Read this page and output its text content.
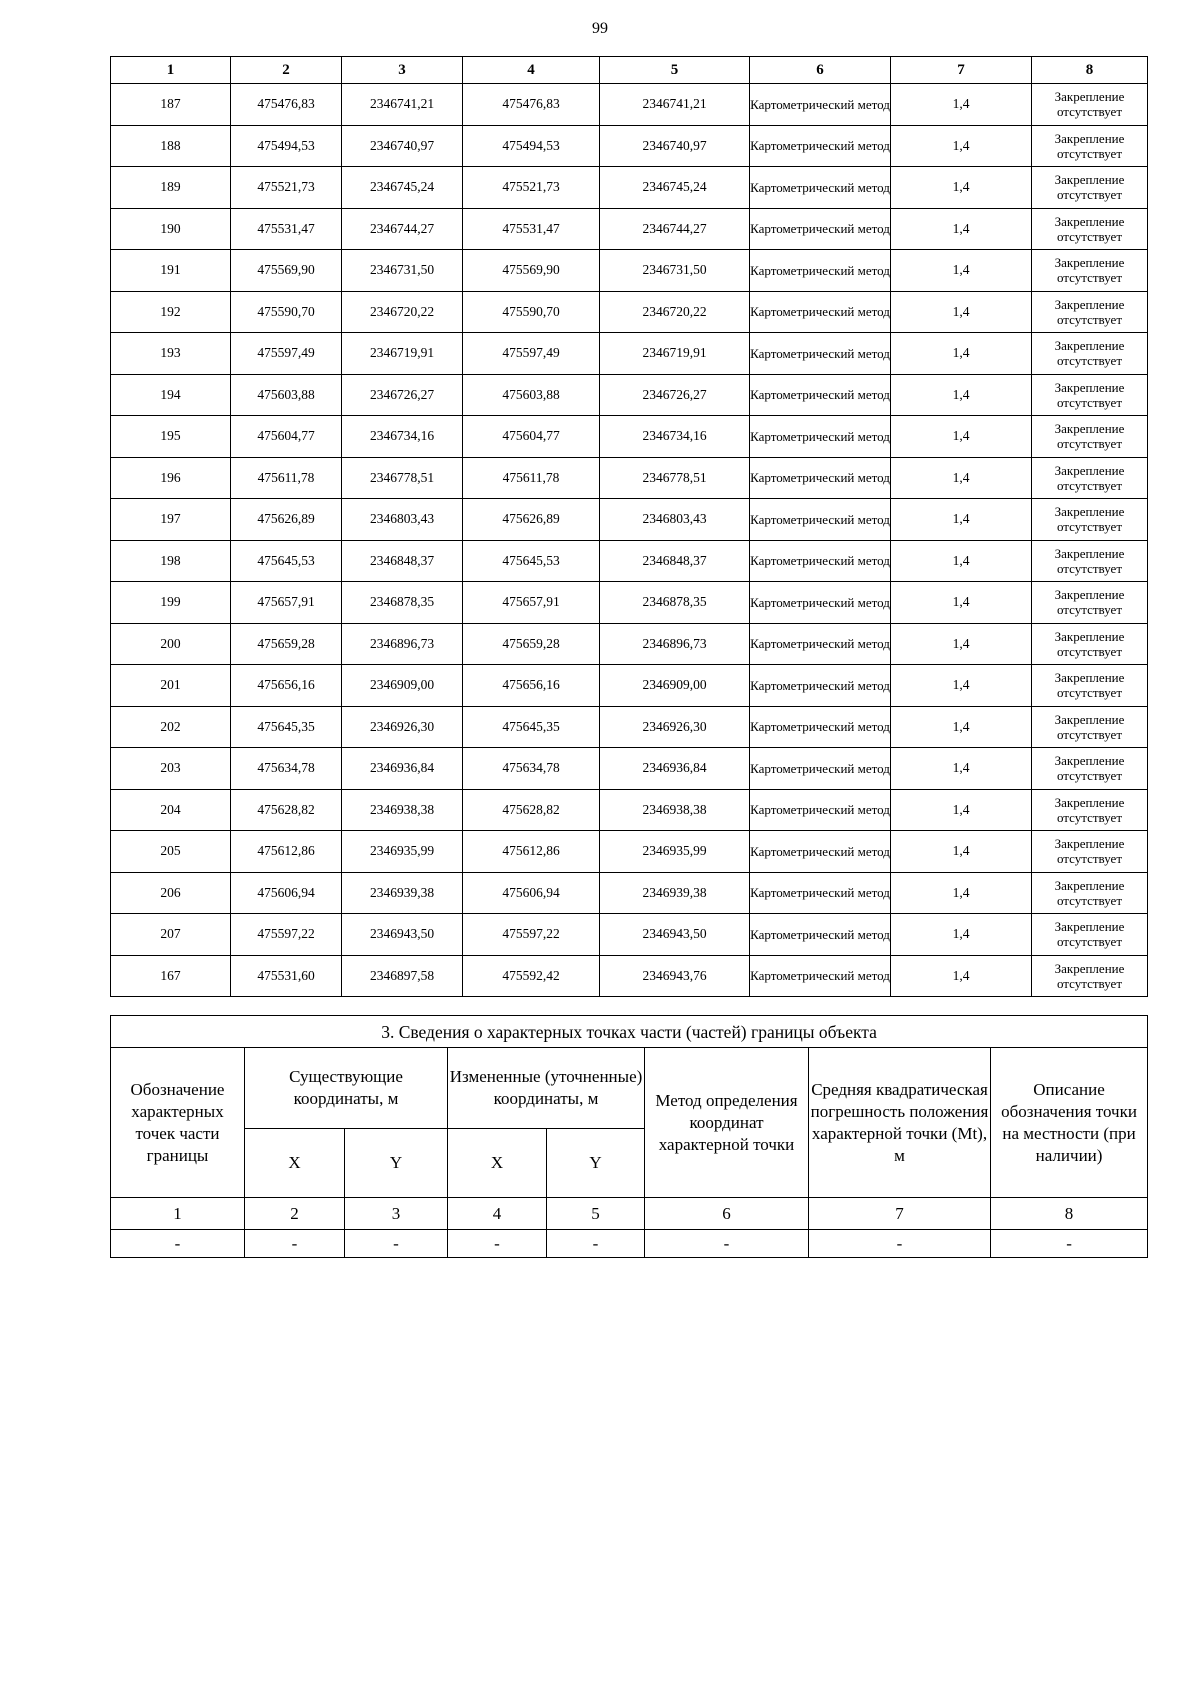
99
1	2	3	4	5	6	7	8
187	475476,83	2346741,21	475476,83	2346741,21	Картометрический метод	1,4	Закрепление отсутствует
188	475494,53	2346740,97	475494,53	2346740,97	Картометрический метод	1,4	Закрепление отсутствует
189	475521,73	2346745,24	475521,73	2346745,24	Картометрический метод	1,4	Закрепление отсутствует
190	475531,47	2346744,27	475531,47	2346744,27	Картометрический метод	1,4	Закрепление отсутствует
191	475569,90	2346731,50	475569,90	2346731,50	Картометрический метод	1,4	Закрепление отсутствует
192	475590,70	2346720,22	475590,70	2346720,22	Картометрический метод	1,4	Закрепление отсутствует
193	475597,49	2346719,91	475597,49	2346719,91	Картометрический метод	1,4	Закрепление отсутствует
194	475603,88	2346726,27	475603,88	2346726,27	Картометрический метод	1,4	Закрепление отсутствует
195	475604,77	2346734,16	475604,77	2346734,16	Картометрический метод	1,4	Закрепление отсутствует
196	475611,78	2346778,51	475611,78	2346778,51	Картометрический метод	1,4	Закрепление отсутствует
197	475626,89	2346803,43	475626,89	2346803,43	Картометрический метод	1,4	Закрепление отсутствует
198	475645,53	2346848,37	475645,53	2346848,37	Картометрический метод	1,4	Закрепление отсутствует
199	475657,91	2346878,35	475657,91	2346878,35	Картометрический метод	1,4	Закрепление отсутствует
200	475659,28	2346896,73	475659,28	2346896,73	Картометрический метод	1,4	Закрепление отсутствует
201	475656,16	2346909,00	475656,16	2346909,00	Картометрический метод	1,4	Закрепление отсутствует
202	475645,35	2346926,30	475645,35	2346926,30	Картометрический метод	1,4	Закрепление отсутствует
203	475634,78	2346936,84	475634,78	2346936,84	Картометрический метод	1,4	Закрепление отсутствует
204	475628,82	2346938,38	475628,82	2346938,38	Картометрический метод	1,4	Закрепление отсутствует
205	475612,86	2346935,99	475612,86	2346935,99	Картометрический метод	1,4	Закрепление отсутствует
206	475606,94	2346939,38	475606,94	2346939,38	Картометрический метод	1,4	Закрепление отсутствует
207	475597,22	2346943,50	475597,22	2346943,50	Картометрический метод	1,4	Закрепление отсутствует
167	475531,60	2346897,58	475592,42	2346943,76	Картометрический метод	1,4	Закрепление отсутствует
3. Сведения о характерных точках части (частей) границы объекта							
Обозначение характерных точек части границы	Существующие координаты, м		Измененные (уточненные) координаты, м		Метод определения координат характерной точки	Средняя квадратическая погрешность положения характерной точки (Mt), м	Описание обозначения точки на местности (при наличии)
	X	Y	X	Y			
1	2	3	4	5	6	7	8
-	-	-	-	-	-	-	-
